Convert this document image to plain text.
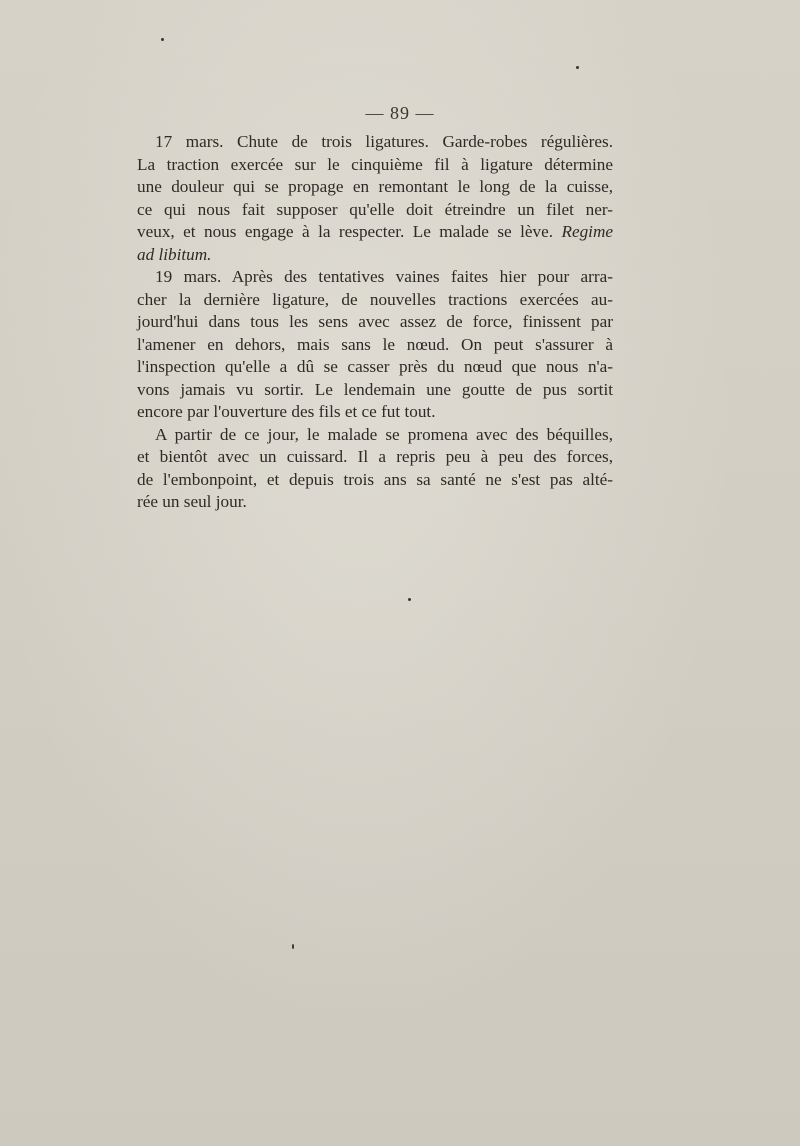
— 89 —
17 mars. Chute de trois ligatures. Garde-robes régulières.
La traction exercée sur le cinquième fil à ligature détermine
une douleur qui se propage en remontant le long de la cuisse,
ce qui nous fait supposer qu'elle doit étreindre un filet ner-
veux, et nous engage à la respecter. Le malade se lève. Regime
ad libitum.
19 mars. Après des tentatives vaines faites hier pour arra-
cher la dernière ligature, de nouvelles tractions exercées au-
jourd'hui dans tous les sens avec assez de force, finissent par
l'amener en dehors, mais sans le nœud. On peut s'assurer à
l'inspection qu'elle a dû se casser près du nœud que nous n'a-
vons jamais vu sortir. Le lendemain une goutte de pus sortit
encore par l'ouverture des fils et ce fut tout.
A partir de ce jour, le malade se promena avec des béquilles,
et bientôt avec un cuissard. Il a repris peu à peu des forces,
de l'embonpoint, et depuis trois ans sa santé ne s'est pas alté-
rée un seul jour.
